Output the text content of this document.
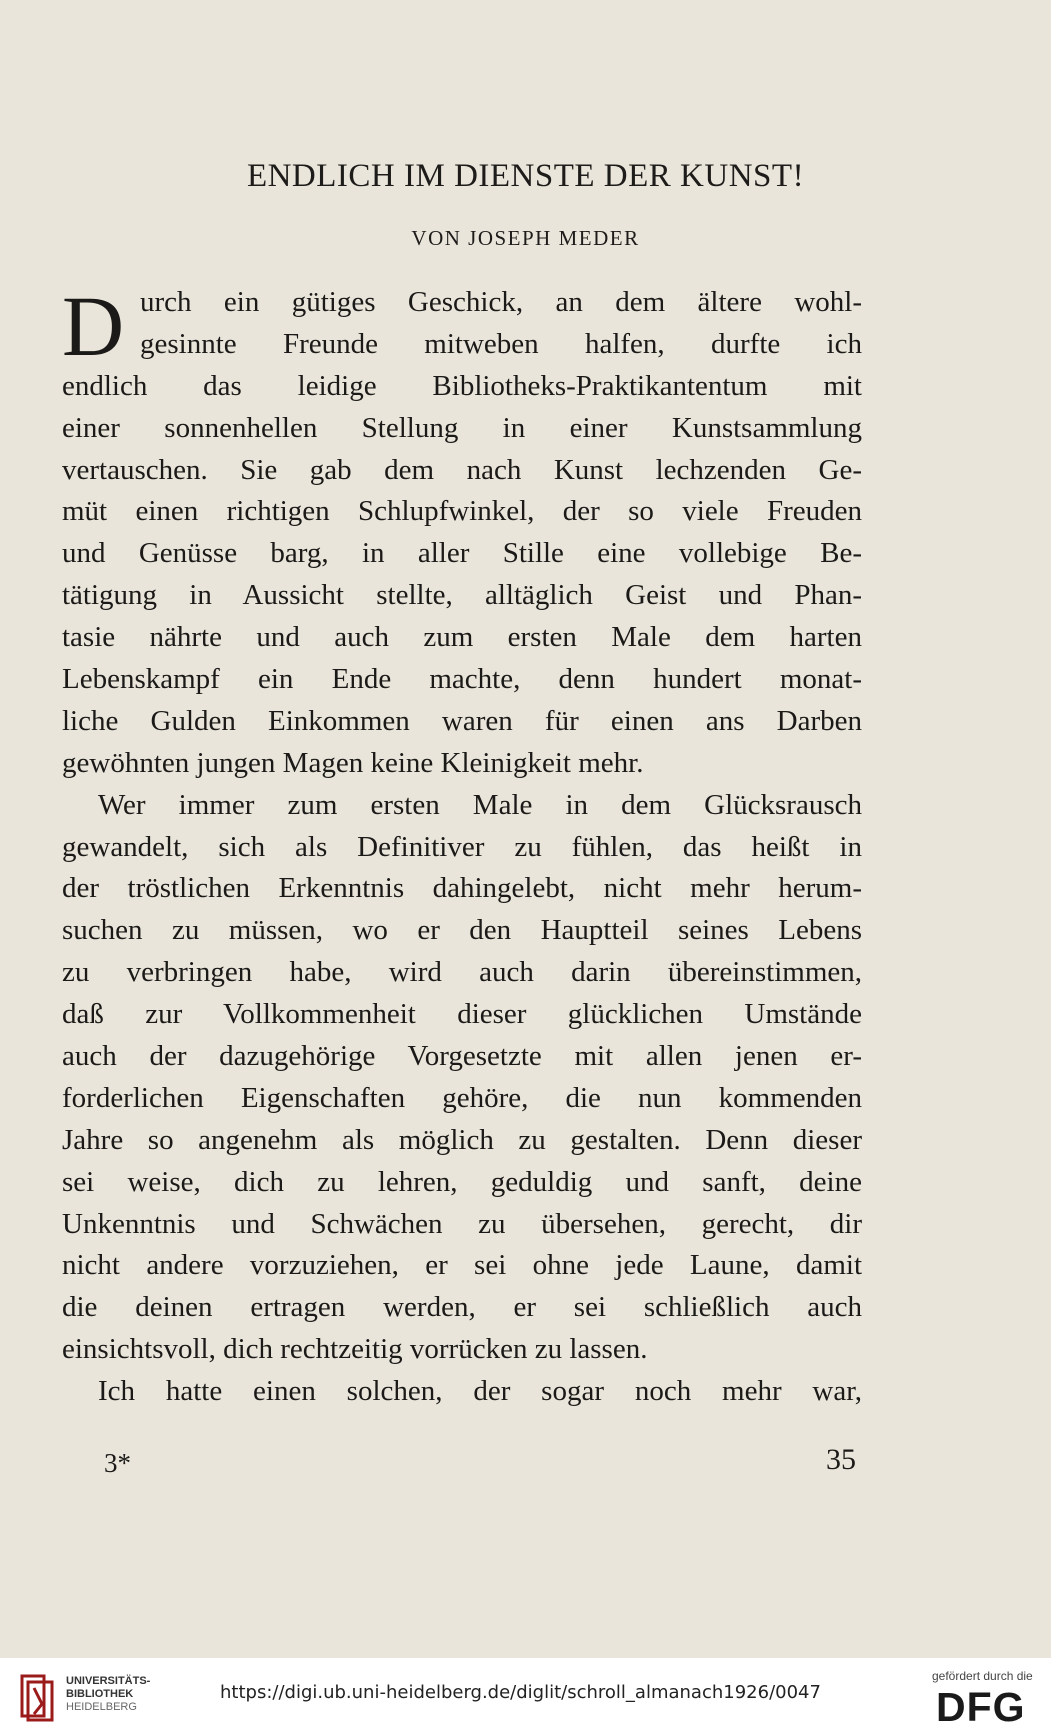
ENDLICH IM DIENSTE DER KUNST!
VON JOSEPH MEDER
D urch ein gütiges Geschick, an dem ältere wohl-
gesinnte Freunde mitweben halfen, durfte ich
endlich das leidige Bibliotheks-Praktikantentum mit
einer sonnenhellen Stellung in einer Kunstsammlung
vertauschen. Sie gab dem nach Kunst lechzenden Ge-
müt einen richtigen Schlupfwinkel, der so viele Freuden
und Genüsse barg, in aller Stille eine vollebige Be-
tätigung in Aussicht stellte, alltäglich Geist und Phan-
tasie nährte und auch zum ersten Male dem harten
Lebenskampf ein Ende machte, denn hundert monat-
liche Gulden Einkommen waren für einen ans Darben
gewöhnten jungen Magen keine Kleinigkeit mehr.
Wer immer zum ersten Male in dem Glücksrausch
gewandelt, sich als Definitiver zu fühlen, das heißt in
der tröstlichen Erkenntnis dahingelebt, nicht mehr herum-
suchen zu müssen, wo er den Hauptteil seines Lebens
zu verbringen habe, wird auch darin übereinstimmen,
daß zur Vollkommenheit dieser glücklichen Umstände
auch der dazugehörige Vorgesetzte mit allen jenen er-
forderlichen Eigenschaften gehöre, die nun kommenden
Jahre so angenehm als möglich zu gestalten. Denn dieser
sei weise, dich zu lehren, geduldig und sanft, deine
Unkenntnis und Schwächen zu übersehen, gerecht, dir
nicht andere vorzuziehen, er sei ohne jede Laune, damit
die deinen ertragen werden, er sei schließlich auch
einsichtsvoll, dich rechtzeitig vorrücken zu lassen.
Ich hatte einen solchen, der sogar noch mehr war,
3*	35
UNIVERSITÄTS-
BIBLIOTHEK
HEIDELBERG
https://digi.ub.uni-heidelberg.de/diglit/schroll_almanach1926/0047
gefördert durch die
DFG
